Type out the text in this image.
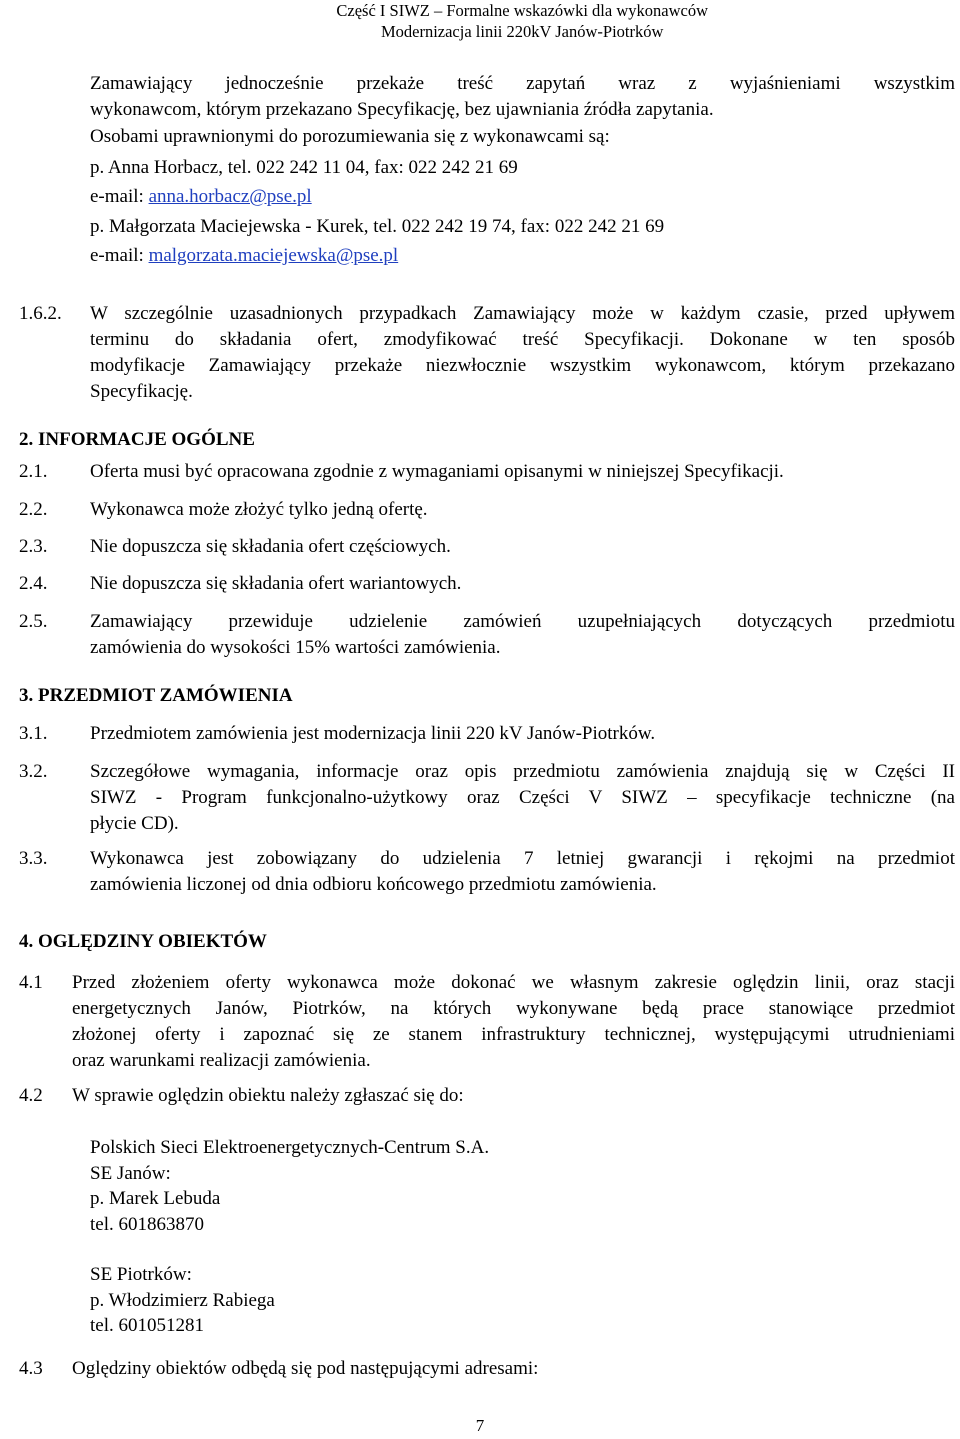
Część I SIWZ – Formalne wskazówki dla wykonawców
Modernizacja linii 220kV Janów-Piotrków
Zamawiający jednocześnie przekaże treść zapytań wraz z wyjaśnieniami wszystkim
wykonawcom, którym przekazano Specyfikację, bez ujawniania źródła zapytania.
Osobami uprawnionymi do porozumiewania się z wykonawcami są:
p. Anna Horbacz, tel. 022 242 11 04, fax: 022 242 21 69
e-mail: anna.horbacz@pse.pl
p. Małgorzata Maciejewska - Kurek, tel. 022 242 19 74, fax: 022 242 21 69
e-mail: malgorzata.maciejewska@pse.pl
1.6.2. W szczególnie uzasadnionych przypadkach Zamawiający może w każdym czasie, przed upływem
terminu do składania ofert, zmodyfikować treść Specyfikacji. Dokonane w ten sposób
modyfikacje Zamawiający przekaże niezwłocznie wszystkim wykonawcom, którym przekazano
Specyfikację.
2. INFORMACJE OGÓLNE
2.1. Oferta musi być opracowana zgodnie z wymaganiami opisanymi w niniejszej Specyfikacji.
2.2. Wykonawca może złożyć tylko jedną ofertę.
2.3. Nie dopuszcza się składania ofert częściowych.
2.4. Nie dopuszcza się składania ofert wariantowych.
2.5. Zamawiający przewiduje udzielenie zamówień uzupełniających dotyczących przedmiotu
zamówienia do wysokości 15% wartości zamówienia.
3. PRZEDMIOT ZAMÓWIENIA
3.1. Przedmiotem zamówienia jest modernizacja linii 220 kV Janów-Piotrków.
3.2. Szczegółowe wymagania, informacje oraz opis przedmiotu zamówienia znajdują się w Części II
SIWZ - Program funkcjonalno-użytkowy oraz Części V SIWZ – specyfikacje techniczne (na
płycie CD).
3.3. Wykonawca jest zobowiązany do udzielenia 7 letniej gwarancji i rękojmi na przedmiot
zamówienia liczonej od dnia odbioru końcowego przedmiotu zamówienia.
4. OGLĘDZINY OBIEKTÓW
4.1 Przed złożeniem oferty wykonawca może dokonać we własnym zakresie oględzin linii, oraz stacji
energetycznych Janów, Piotrków, na których wykonywane będą prace stanowiące przedmiot
złożonej oferty i zapoznać się ze stanem infrastruktury technicznej, występującymi utrudnieniami
oraz warunkami realizacji zamówienia.
4.2 W sprawie oględzin obiektu należy zgłaszać się do:
Polskich Sieci Elektroenergetycznych-Centrum S.A.
SE Janów:
p. Marek Lebuda
tel. 601863870
SE Piotrków:
p. Włodzimierz Rabiega
tel. 601051281
4.3 Oględziny obiektów odbędą się pod następującymi adresami:
7
